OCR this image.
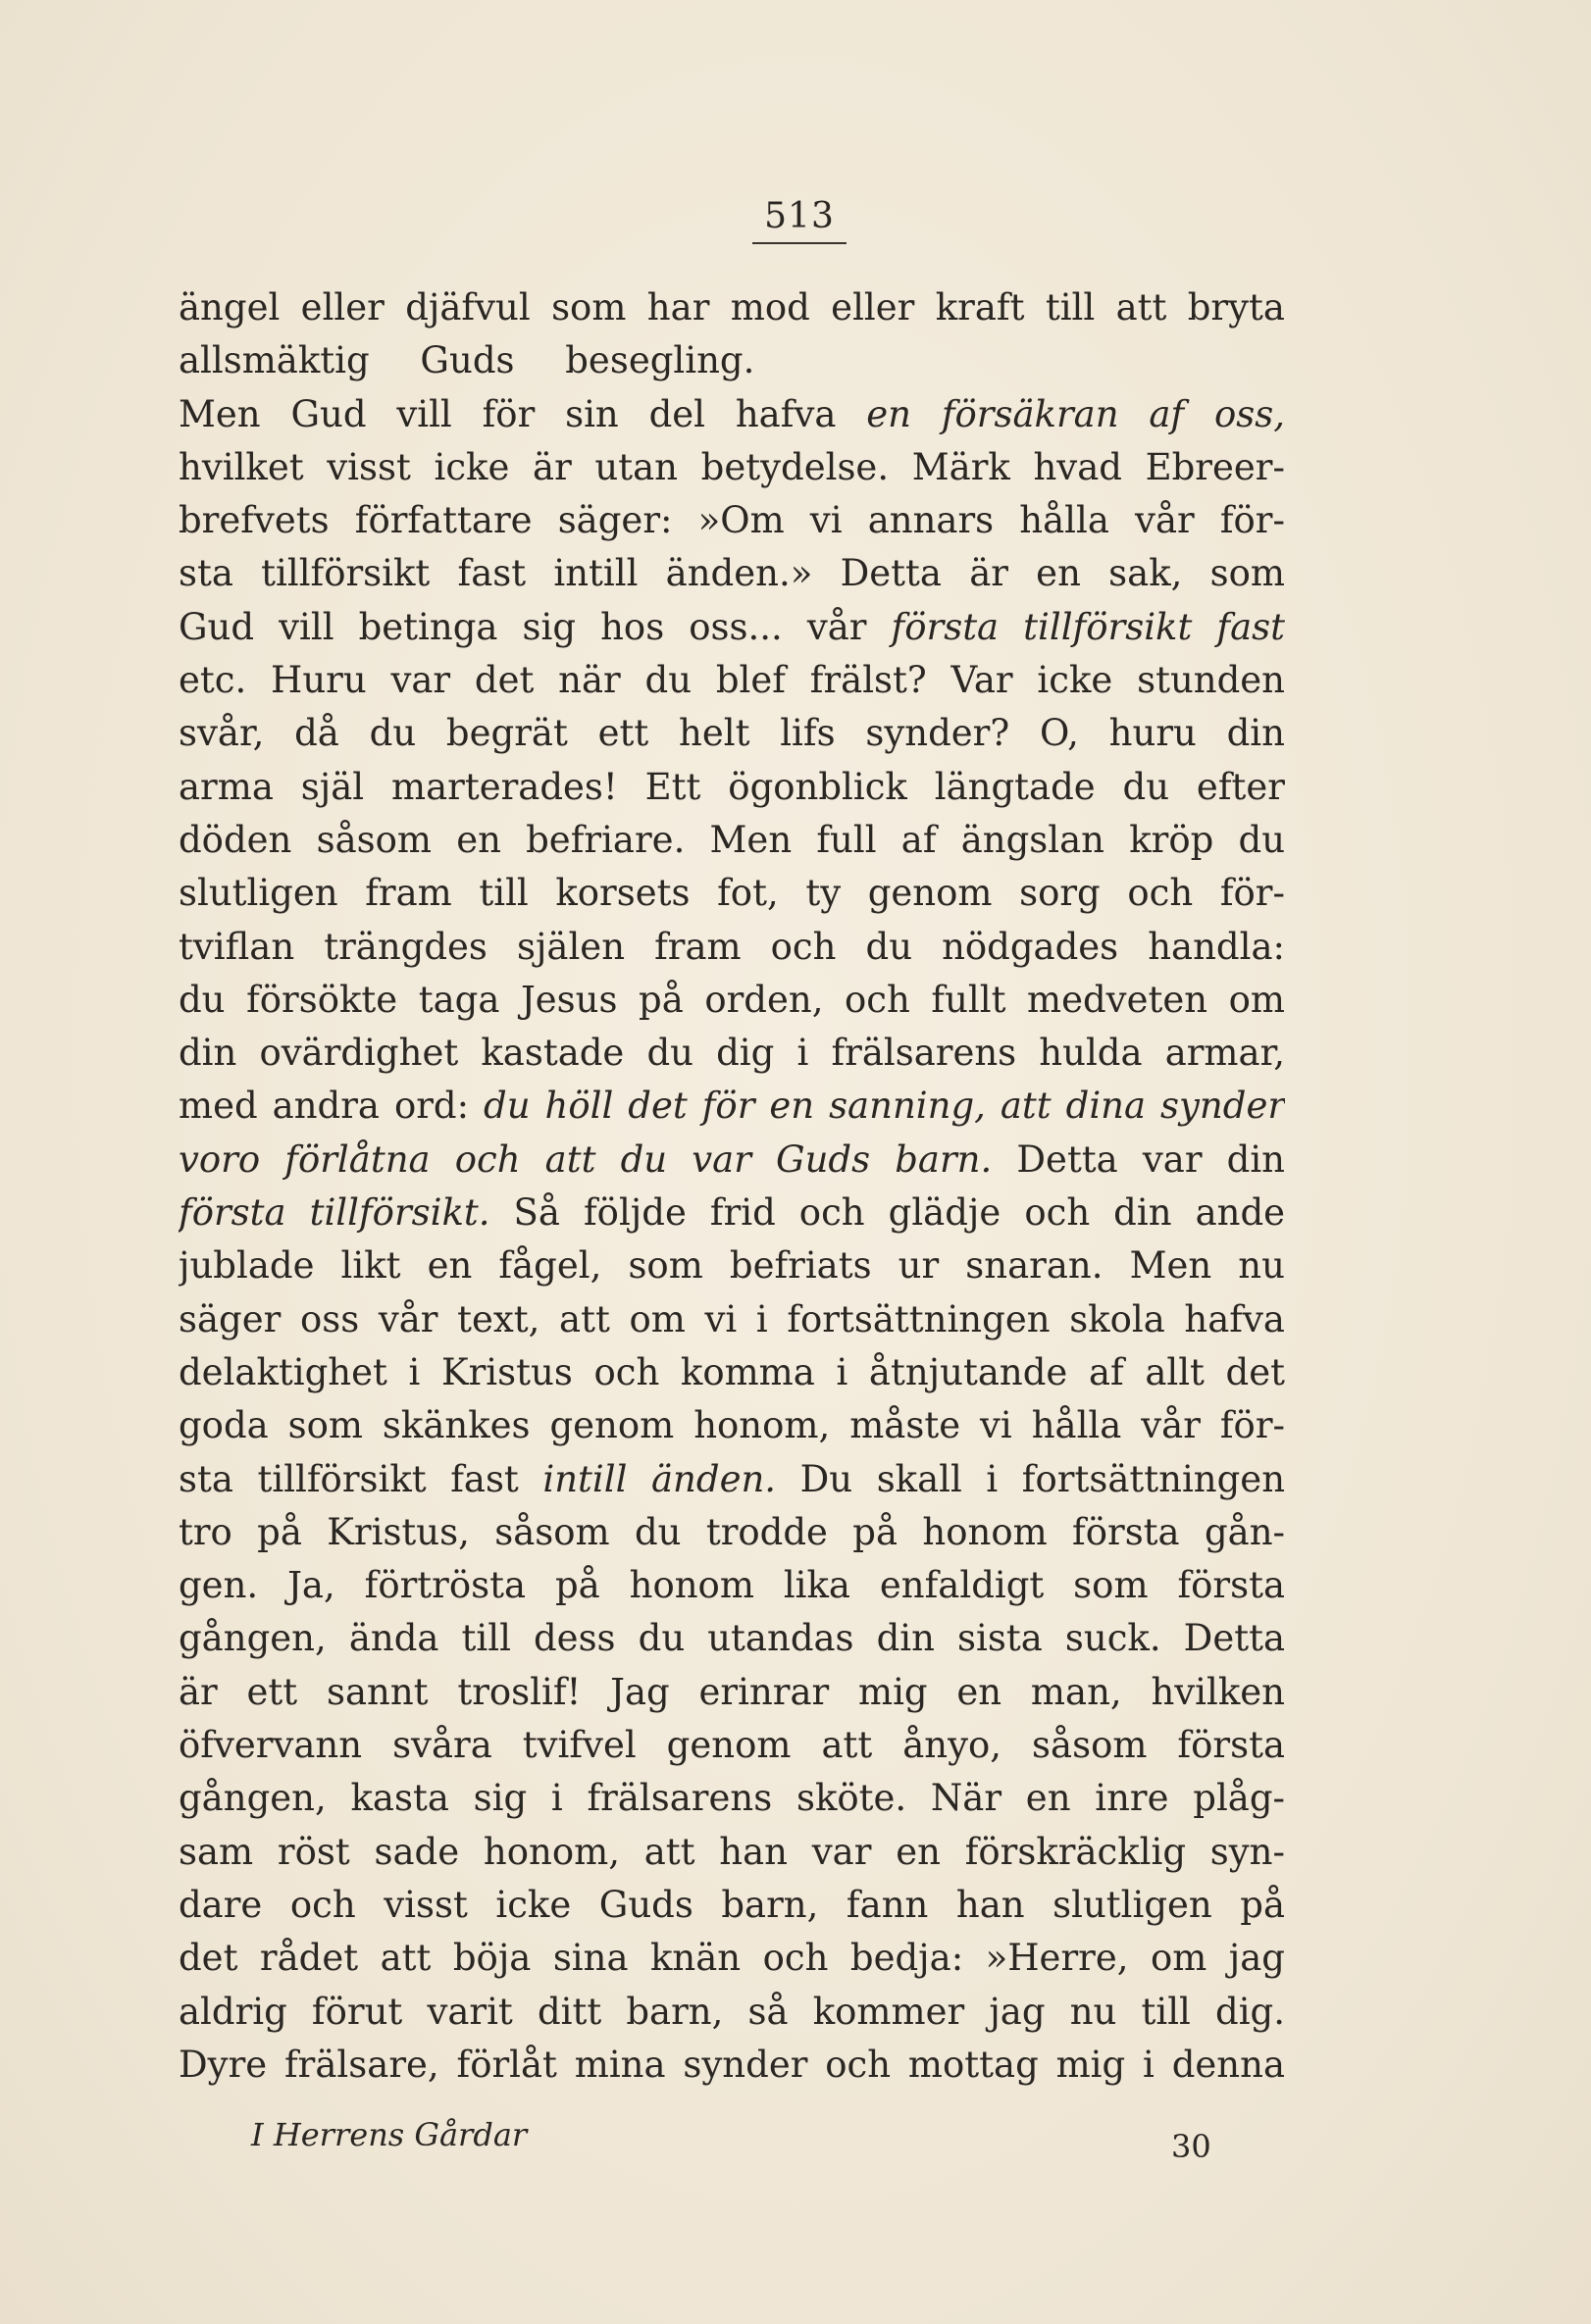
513
ängel eller djäfvul som har mod eller kraft till att bryta
allsmäktig Guds besegling.
Men Gud vill för sin del hafva en försäkran af oss,
hvilket visst icke är utan betydelse. Märk hvad Ebreer-
brefvets författare säger: »Om vi annars hålla vår för-
sta tillförsikt fast intill änden.» Detta är en sak, som
Gud vill betinga sig hos oss... vår första tillförsikt fast
etc. Huru var det när du blef frälst? Var icke stunden
svår, då du begrät ett helt lifs synder? O, huru din
arma själ marterades! Ett ögonblick längtade du efter
döden såsom en befriare. Men full af ängslan kröp du
slutligen fram till korsets fot, ty genom sorg och för-
tviflan trängdes själen fram och du nödgades handla:
du försökte taga Jesus på orden, och fullt medveten om
din ovärdighet kastade du dig i frälsarens hulda armar,
med andra ord: du höll det för en sanning, att dina synder
voro förlåtna och att du var Guds barn. Detta var din
första tillförsikt. Så följde frid och glädje och din ande
jublade likt en fågel, som befriats ur snaran. Men nu
säger oss vår text, att om vi i fortsättningen skola hafva
delaktighet i Kristus och komma i åtnjutande af allt det
goda som skänkes genom honom, måste vi hålla vår för-
sta tillförsikt fast intill änden. Du skall i fortsättningen
tro på Kristus, såsom du trodde på honom första gån-
gen. Ja, förtrösta på honom lika enfaldigt som första
gången, ända till dess du utandas din sista suck. Detta
är ett sannt troslif! Jag erinrar mig en man, hvilken
öfvervann svåra tvifvel genom att ånyo, såsom första
gången, kasta sig i frälsarens sköte. När en inre plåg-
sam röst sade honom, att han var en förskräcklig syn-
dare och visst icke Guds barn, fann han slutligen på
det rådet att böja sina knän och bedja: »Herre, om jag
aldrig förut varit ditt barn, så kommer jag nu till dig.
Dyre frälsare, förlåt mina synder och mottag mig i denna
I Herrens Gårdar	30
